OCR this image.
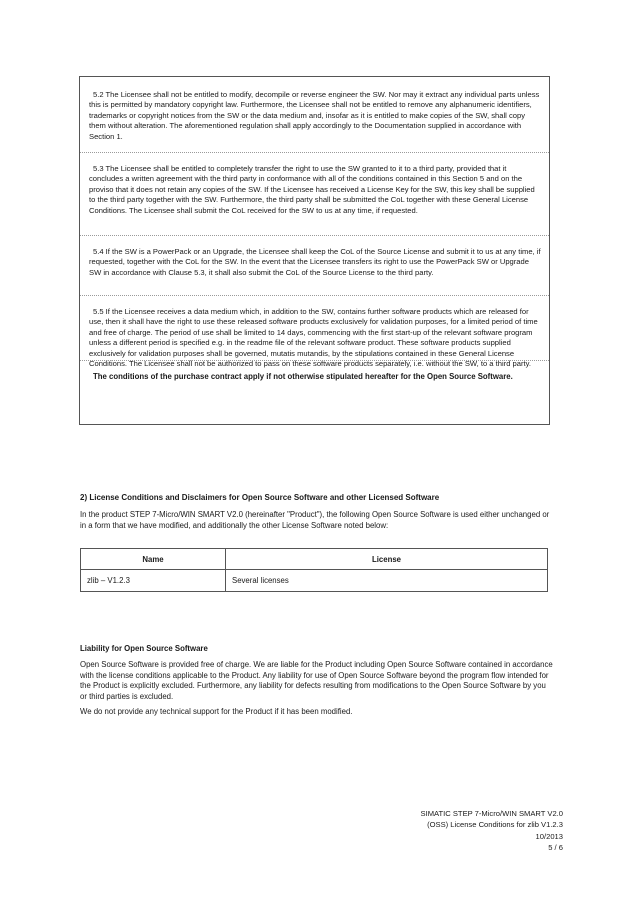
5.2 The Licensee shall not be entitled to modify, decompile or reverse engineer the SW. Nor may it extract any individual parts unless this is permitted by mandatory copyright law. Furthermore, the Licensee shall not be entitled to remove any alphanumeric identifiers, trademarks or copyright notices from the SW or the data medium and, insofar as it is entitled to make copies of the SW, shall copy them without alteration. The aforementioned regulation shall apply accordingly to the Documentation supplied in accordance with Section 1.

5.3 The Licensee shall be entitled to completely transfer the right to use the SW granted to it to a third party, provided that it concludes a written agreement with the third party in conformance with all of the conditions contained in this Section 5 and on the proviso that it does not retain any copies of the SW. If the Licensee has received a License Key for the SW, this key shall be supplied to the third party together with the SW. Furthermore, the third party shall be submitted the CoL together with these General License Conditions. The Licensee shall submit the CoL received for the SW to us at any time, if requested.

5.4 If the SW is a PowerPack or an Upgrade, the Licensee shall keep the CoL of the Source License and submit it to us at any time, if requested, together with the CoL for the SW. In the event that the Licensee transfers its right to use the PowerPack SW or Upgrade SW in accordance with Clause 5.3, it shall also submit the CoL of the Source License to the third party.

5.5 If the Licensee receives a data medium which, in addition to the SW, contains further software products which are released for use, then it shall have the right to use these released software products exclusively for validation purposes, for a limited period of time and free of charge. The period of use shall be limited to 14 days, commencing with the first start-up of the relevant software program unless a different period is specified e.g. in the readme file of the relevant software product. These software products supplied exclusively for validation purposes shall be governed, mutatis mutandis, by the stipulations contained in these General License Conditions. The Licensee shall not be authorized to pass on these software products separately, i.e. without the SW, to a third party.

The conditions of the purchase contract apply if not otherwise stipulated hereafter for the Open Source Software.

2) License Conditions and Disclaimers for Open Source Software and other Licensed Software

In the product STEP 7-Micro/WIN SMART V2.0 (hereinafter "Product"), the following Open Source Software is used either unchanged or in a form that we have modified, and additionally the other License Software noted below:

Name	License
zlib – V1.2.3	Several licenses

Liability for Open Source Software

Open Source Software is provided free of charge. We are liable for the Product including Open Source Software contained in accordance with the license conditions applicable to the Product. Any liability for use of Open Source Software beyond the program flow intended for the Product is explicitly excluded. Furthermore, any liability for defects resulting from modifications to the Open Source Software by you or third parties is excluded.

We do not provide any technical support for the Product if it has been modified.

SIMATIC STEP 7-Micro/WIN SMART V2.0
(OSS) License Conditions for zlib V1.2.3
10/2013
5 / 6
